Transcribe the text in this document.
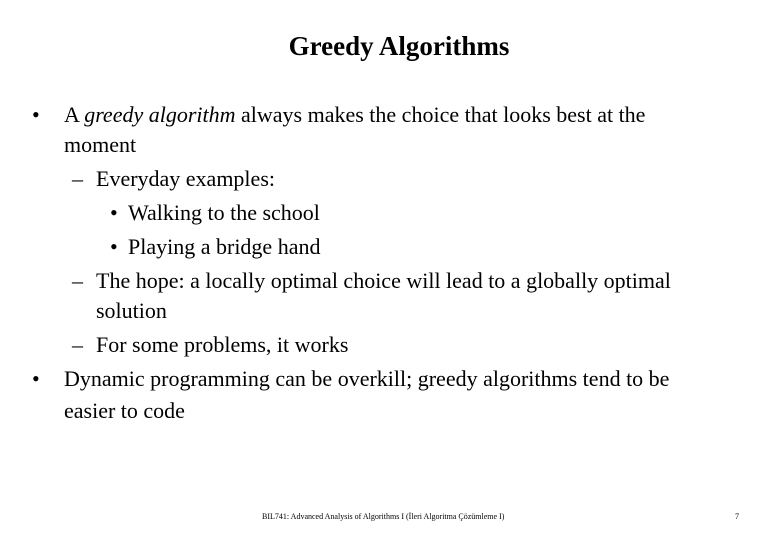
Greedy Algorithms
• A greedy algorithm always makes the choice that looks best at the
moment
– Everyday examples:
• Walking to the school
• Playing a bridge hand
– The hope: a locally optimal choice will lead to a globally optimal
solution
– For some problems, it works
• Dynamic programming can be overkill; greedy algorithms tend to be
easier to code
BIL741: Advanced Analysis of Algorithms I (İleri Algoritma Çözümleme I)	7
